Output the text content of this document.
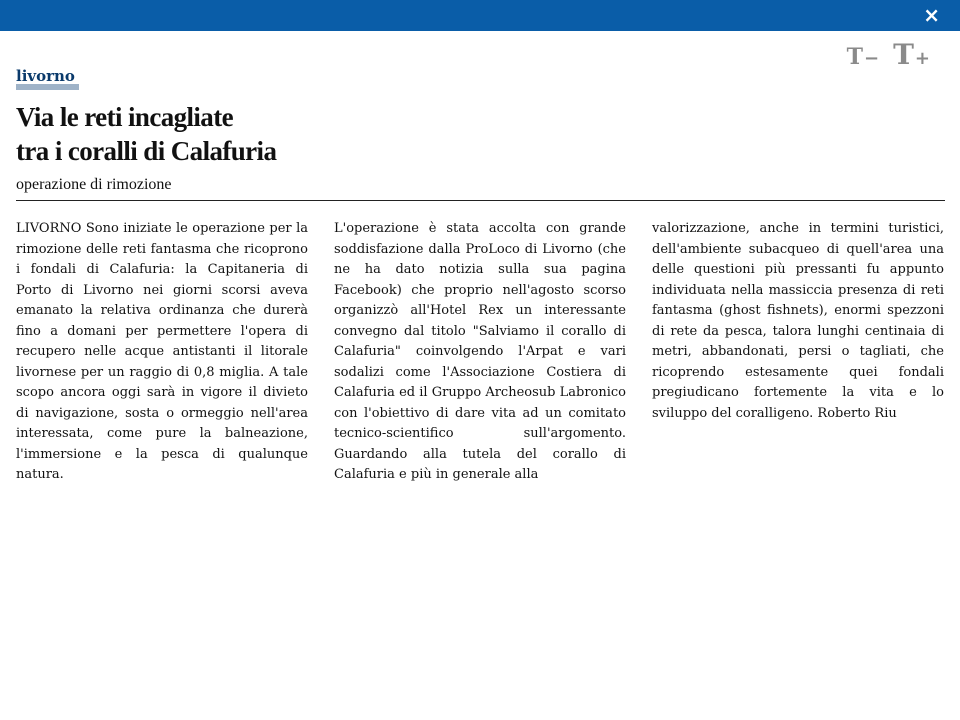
×
T− T+
livorno
Via le reti incagliate
tra i coralli di Calafuria
operazione di rimozione
LIVORNO Sono iniziate le operazione per la rimozione delle reti fantasma che ricoprono i fondali di Calafuria: la Capitaneria di Porto di Livorno nei giorni scorsi aveva emanato la relativa ordinanza che durerà fino a domani per permettere l'opera di recupero nelle acque antistanti il litorale livornese per un raggio di 0,8 miglia. A tale scopo ancora oggi sarà in vigore il divieto di navigazione, sosta o ormeggio nell'area interessata, come pure la balneazione, l'immersione e la pesca di qualunque natura.
L'operazione è stata accolta con grande soddisfazione dalla ProLoco di Livorno (che ne ha dato notizia sulla sua pagina Facebook) che proprio nell'agosto scorso organizzò all'Hotel Rex un interessante convegno dal titolo "Salviamo il corallo di Calafuria" coinvolgendo l'Arpat e vari sodalizi come l'Associazione Costiera di Calafuria ed il Gruppo Archeosub Labronico con l'obiettivo di dare vita ad un comitato tecnico-scientifico sull'argomento. Guardando alla tutela del corallo di Calafuria e più in generale alla
valorizzazione, anche in termini turistici, dell'ambiente subacqueo di quell'area una delle questioni più pressanti fu appunto individuata nella massiccia presenza di reti fantasma (ghost fishnets), enormi spezzoni di rete da pesca, talora lunghi centinaia di metri, abbandonati, persi o tagliati, che ricoprendo estesamente quei fondali pregiudicano fortemente la vita e lo sviluppo del coralligeno. Roberto Riu
